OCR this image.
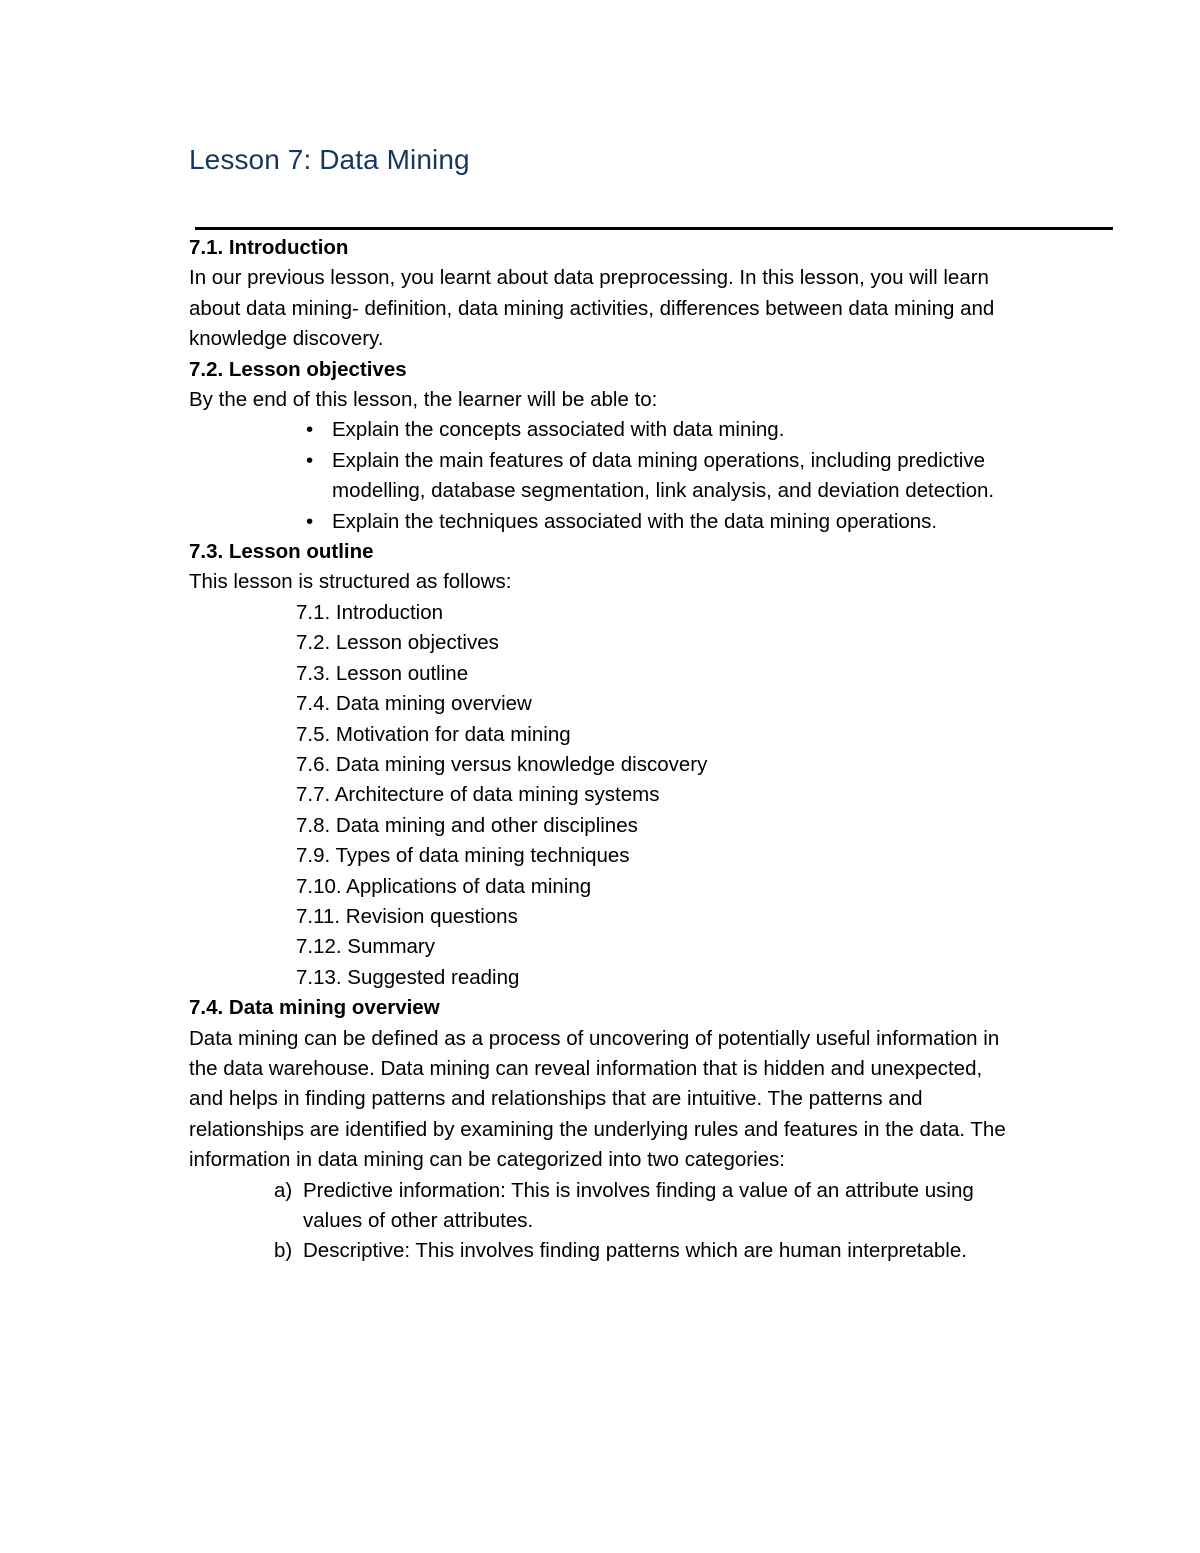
Lesson 7: Data Mining

7.1. Introduction

In our previous lesson, you learnt about data preprocessing. In this lesson, you will learn about data mining- definition, data mining activities, differences between data mining and knowledge discovery.

7.2. Lesson objectives

By the end of this lesson, the learner will be able to:

• Explain the concepts associated with data mining.
• Explain the main features of data mining operations, including predictive modelling, database segmentation, link analysis, and deviation detection.
• Explain the techniques associated with the data mining operations.

7.3. Lesson outline

This lesson is structured as follows:

7.1. Introduction
7.2. Lesson objectives
7.3. Lesson outline
7.4. Data mining overview
7.5. Motivation for data mining
7.6. Data mining versus knowledge discovery
7.7. Architecture of data mining systems
7.8. Data mining and other disciplines
7.9. Types of data mining techniques
7.10. Applications of data mining
7.11. Revision questions
7.12. Summary
7.13. Suggested reading

7.4. Data mining overview

Data mining can be defined as a process of uncovering of potentially useful information in the data warehouse. Data mining can reveal information that is hidden and unexpected, and helps in finding patterns and relationships that are intuitive. The patterns and relationships are identified by examining the underlying rules and features in the data. The information in data mining can be categorized into two categories:

a) Predictive information: This is involves finding a value of an attribute using values of other attributes.
b) Descriptive: This involves finding patterns which are human interpretable.
